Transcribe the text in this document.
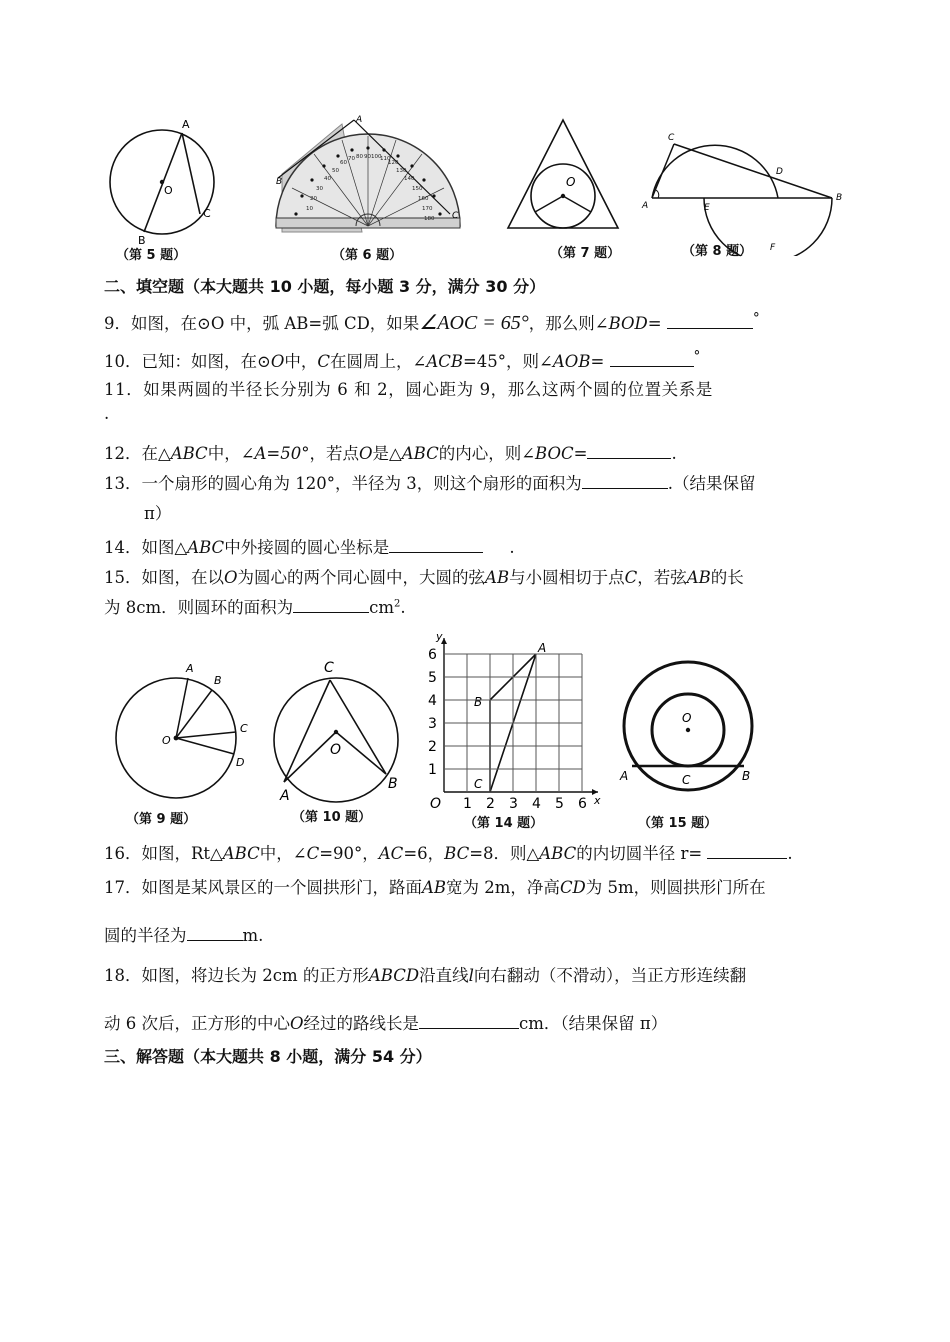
A
O
B
C
（第 5 题）
10
20
30
40
50
60
70 80 90 100
110
120
130
140
150
160
170
180
A
B
C
（第 6 题）
O
（第 7 题）
A
B
C
D
E
F
（第 8 题）
二、填空题（本大题共 10 小题，每小题 3 分，满分 30 分）
9．如图，在⊙O 中，弧 AB=弧 CD，如果∠AOC = 65°，那么则∠BOD=	°
10．已知：如图，在⊙O中，C在圆周上，∠ACB=45°，则∠AOB=	°
11．如果两圆的半径长分别为 6 和 2，圆心距为 9，那么这两个圆的位置关系是
.
12．在△ABC中，∠A=50°，若点O是△ABC的内心，则∠BOC=	.
13．一个扇形的圆心角为 120°，半径为 3，则这个扇形的面积为	.（结果保留
π）
14．如图△ABC中外接圆的圆心坐标是	.
15．如图，在以O为圆心的两个同心圆中，大圆的弦AB与小圆相切于点C，若弦AB的长
为 8cm．则圆环的面积为	$cm^2$.
A
B
C
D
O
（第 9 题）
C
O
A
B
（第 10 题）
C
B
A
6
5
4
3
2
1
6
5
4
3
2
1
y
x
O
（第 14 题）
O
A	C	B
（第 15 题）
16．如图，Rt△ABC中，∠C=90°，AC=6，BC=8．则△ABC的内切圆半径 r=	.
17．如图是某风景区的一个圆拱形门，路面AB宽为 2m，净高CD为 5m，则圆拱形门所在
圆的半径为	m.
18．如图，将边长为 2cm 的正方形ABCD沿直线l向右翻动（不滑动），当正方形连续翻
动 6 次后，正方形的中心O经过的路线长是	cm．（结果保留 π）
三、解答题（本大题共 8 小题，满分 54 分）
